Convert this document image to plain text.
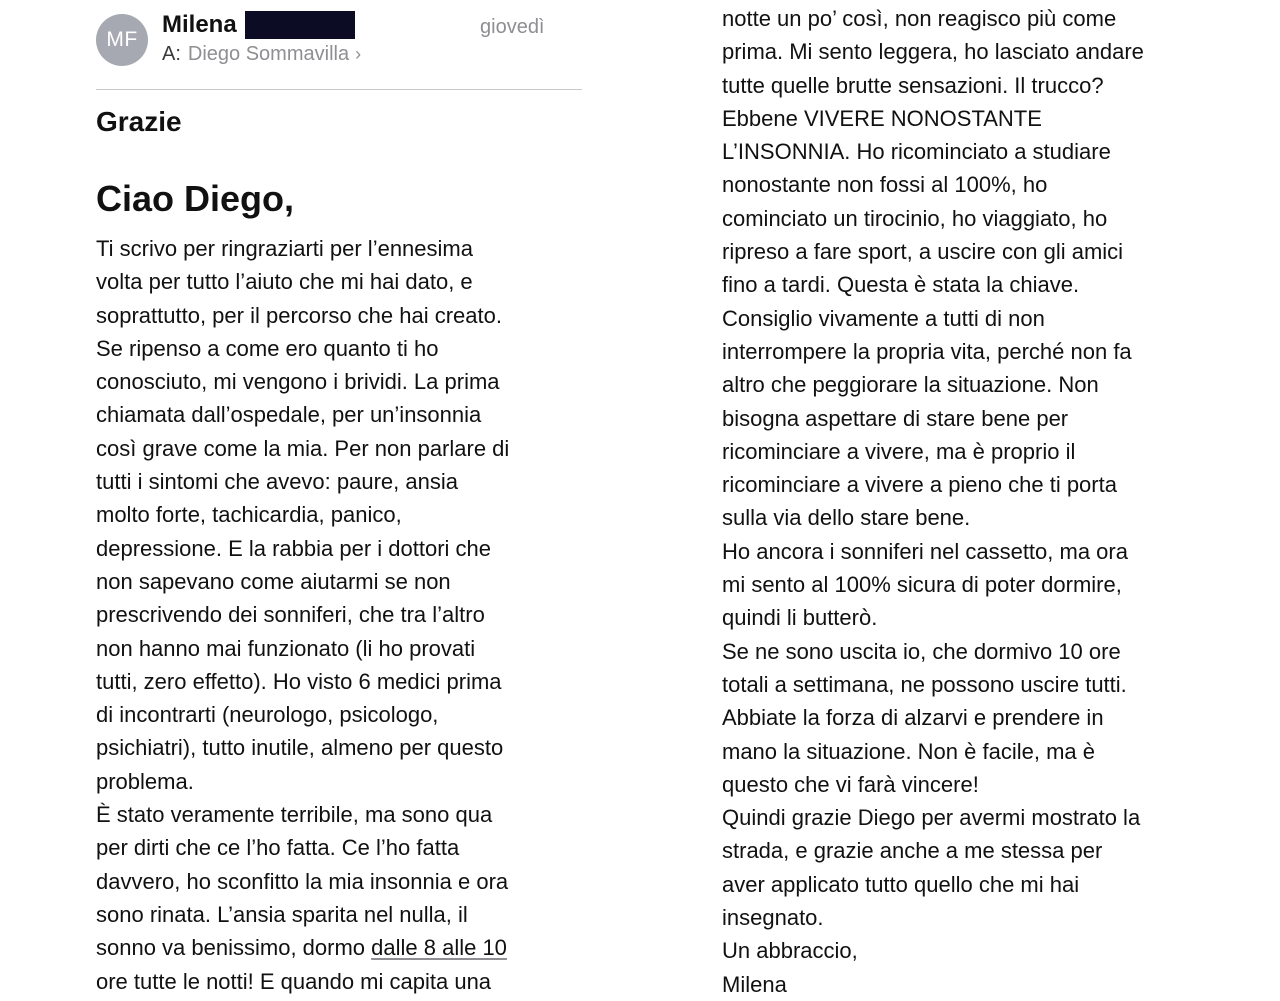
MF
Milena	giovedì
A: Diego Sommavilla ›
Grazie
Ciao Diego,
Ti scrivo per ringraziarti per l’ennesima
volta per tutto l’aiuto che mi hai dato, e
soprattutto, per il percorso che hai creato.
Se ripenso a come ero quanto ti ho
conosciuto, mi vengono i brividi. La prima
chiamata dall’ospedale, per un’insonnia
così grave come la mia. Per non parlare di
tutti i sintomi che avevo: paure, ansia
molto forte, tachicardia, panico,
depressione. E la rabbia per i dottori che
non sapevano come aiutarmi se non
prescrivendo dei sonniferi, che tra l’altro
non hanno mai funzionato (li ho provati
tutti, zero effetto). Ho visto 6 medici prima
di incontrarti (neurologo, psicologo,
psichiatri), tutto inutile, almeno per questo
problema.
È stato veramente terribile, ma sono qua
per dirti che ce l’ho fatta. Ce l’ho fatta
davvero, ho sconfitto la mia insonnia e ora
sono rinata. L’ansia sparita nel nulla, il
sonno va benissimo, dormo dalle 8 alle 10
ore tutte le notti! E quando mi capita una
notte un po’ così, non reagisco più come
prima. Mi sento leggera, ho lasciato andare
tutte quelle brutte sensazioni. Il trucco?
Ebbene VIVERE NONOSTANTE
L’INSONNIA. Ho ricominciato a studiare
nonostante non fossi al 100%, ho
cominciato un tirocinio, ho viaggiato, ho
ripreso a fare sport, a uscire con gli amici
fino a tardi. Questa è stata la chiave.
Consiglio vivamente a tutti di non
interrompere la propria vita, perché non fa
altro che peggiorare la situazione. Non
bisogna aspettare di stare bene per
ricominciare a vivere, ma è proprio il
ricominciare a vivere a pieno che ti porta
sulla via dello stare bene.
Ho ancora i sonniferi nel cassetto, ma ora
mi sento al 100% sicura di poter dormire,
quindi li butterò.
Se ne sono uscita io, che dormivo 10 ore
totali a settimana, ne possono uscire tutti.
Abbiate la forza di alzarvi e prendere in
mano la situazione. Non è facile, ma è
questo che vi farà vincere!
Quindi grazie Diego per avermi mostrato la
strada, e grazie anche a me stessa per
aver applicato tutto quello che mi hai
insegnato.
Un abbraccio,
Milena
